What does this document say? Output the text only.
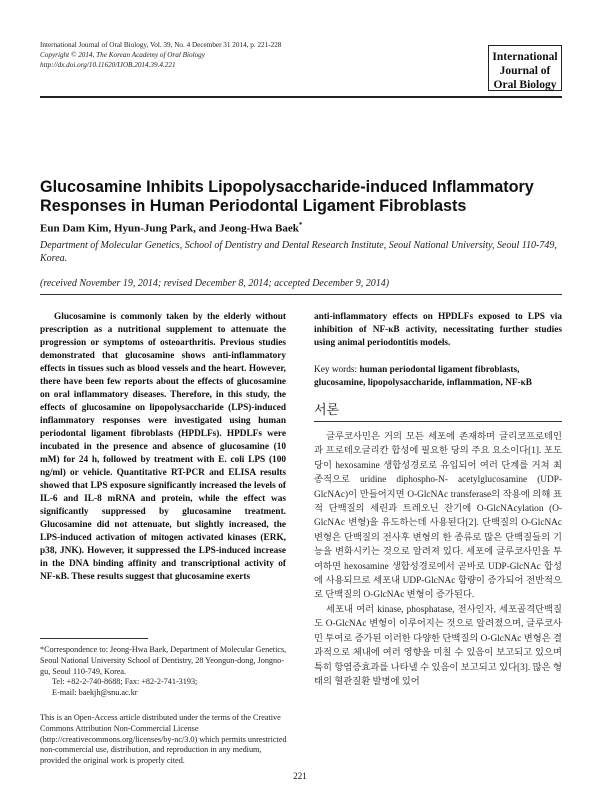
International Journal of Oral Biology, Vol. 39, No. 4 December 31 2014, p. 221-228
Copyright © 2014, The Korean Academy of Oral Biology
http://dx.doi.org/10.11620/IJOB.2014.39.4.221
International
Journal of
Oral Biology
Glucosamine Inhibits Lipopolysaccharide-induced Inflammatory Responses in Human Periodontal Ligament Fibroblasts
Eun Dam Kim, Hyun-Jung Park, and Jeong-Hwa Baek*
Department of Molecular Genetics, School of Dentistry and Dental Research Institute, Seoul National University, Seoul 110-749, Korea.
(received November 19, 2014; revised December 8, 2014; accepted December 9, 2014)

Glucosamine is commonly taken by the elderly without prescription as a nutritional supplement to attenuate the progression or symptoms of osteoarthritis. Previous studies demonstrated that glucosamine shows anti-inflammatory effects in tissues such as blood vessels and the heart. However, there have been few reports about the effects of glucosamine on oral inflammatory diseases. Therefore, in this study, the effects of glucosamine on lipopolysaccharide (LPS)-induced inflammatory responses were investigated using human periodontal ligament fibroblasts (HPDLFs). HPDLFs were incubated in the presence and absence of glucosamine (10 mM) for 24 h, followed by treatment with E. coli LPS (100 ng/ml) or vehicle. Quantitative RT-PCR and ELISA results showed that LPS exposure significantly increased the levels of IL-6 and IL-8 mRNA and protein, while the effect was significantly suppressed by glucosamine treatment. Glucosamine did not attenuate, but slightly increased, the LPS-induced activation of mitogen activated kinases (ERK, p38, JNK). However, it suppressed the LPS-induced increase in the DNA binding affinity and transcriptional activity of NF-κB. These results suggest that glucosamine exerts

anti-inflammatory effects on HPDLFs exposed to LPS via inhibition of NF-κB activity, necessitating further studies using animal periodontitis models.

Key words: human periodontal ligament fibroblasts, glucosamine, lipopolysaccharide, inflammation, NF-κB

서론

글루코사민은 거의 모든 세포에 존재하며 글리코프로테인과 프로테오글리칸 합성에 필요한 당의 주요 요소이다[1]. 포도당이 hexosamine 생합성경로로 유입되어 여러 단계를 거쳐 최종적으로 uridine diphospho-N- acetylglucosamine (UDP-GlcNAc)이 만들어지면 O-GlcNAc transferase의 작용에 의해 표적 단백질의 세린과 트레오닌 잔기에 O-GlcNAcylation (O-GlcNAc 변형)을 유도하는데 사용된다[2]. 단백질의 O-GlcNAc 변형은 단백질의 전사후 변형의 한 종류로 많은 단백질들의 기능을 변화시키는 것으로 알려져 있다. 세포에 글루코사민을 투여하면 hexosamine 생합성경로에서 곧바로 UDP-GlcNAc 합성에 사용되므로 세포내 UDP-GlcNAc 함량이 증가되어 전반적으로 단백질의 O-GlcNAc 변형이 증가된다.

세포내 여러 kinase, phosphatase, 전사인자, 세포골격단백질도 O-GlcNAc 변형이 이루어지는 것으로 알려졌으며, 글루코사민 투여로 증가된 이러한 다양한 단백질의 O-GlcNAc 변형은 결과적으로 체내에 여러 영향을 미칠 수 있음이 보고되고 있으며 특히 항염증효과를 나타낼 수 있음이 보고되고 있다[3]. 많은 형태의 혈관질환 발병에 있어

*Correspondence to: Jeong-Hwa Baek, Department of Molecular Genetics, Seoul National University School of Dentistry, 28 Yeongun-dong, Jongno-gu, Seoul 110-749, Korea.

Tel: +82-2-740-8688; Fax: +82-2-741-3193;

E-mail: baekjh@snu.ac.kr

This is an Open-Access article distributed under the terms of the Creative Commons Attribution Non-Commercial License (http://creativecommons.org/licenses/by-nc/3.0) which permits unrestricted non-commercial use, distribution, and reproduction in any medium, provided the original work is properly cited.
221
